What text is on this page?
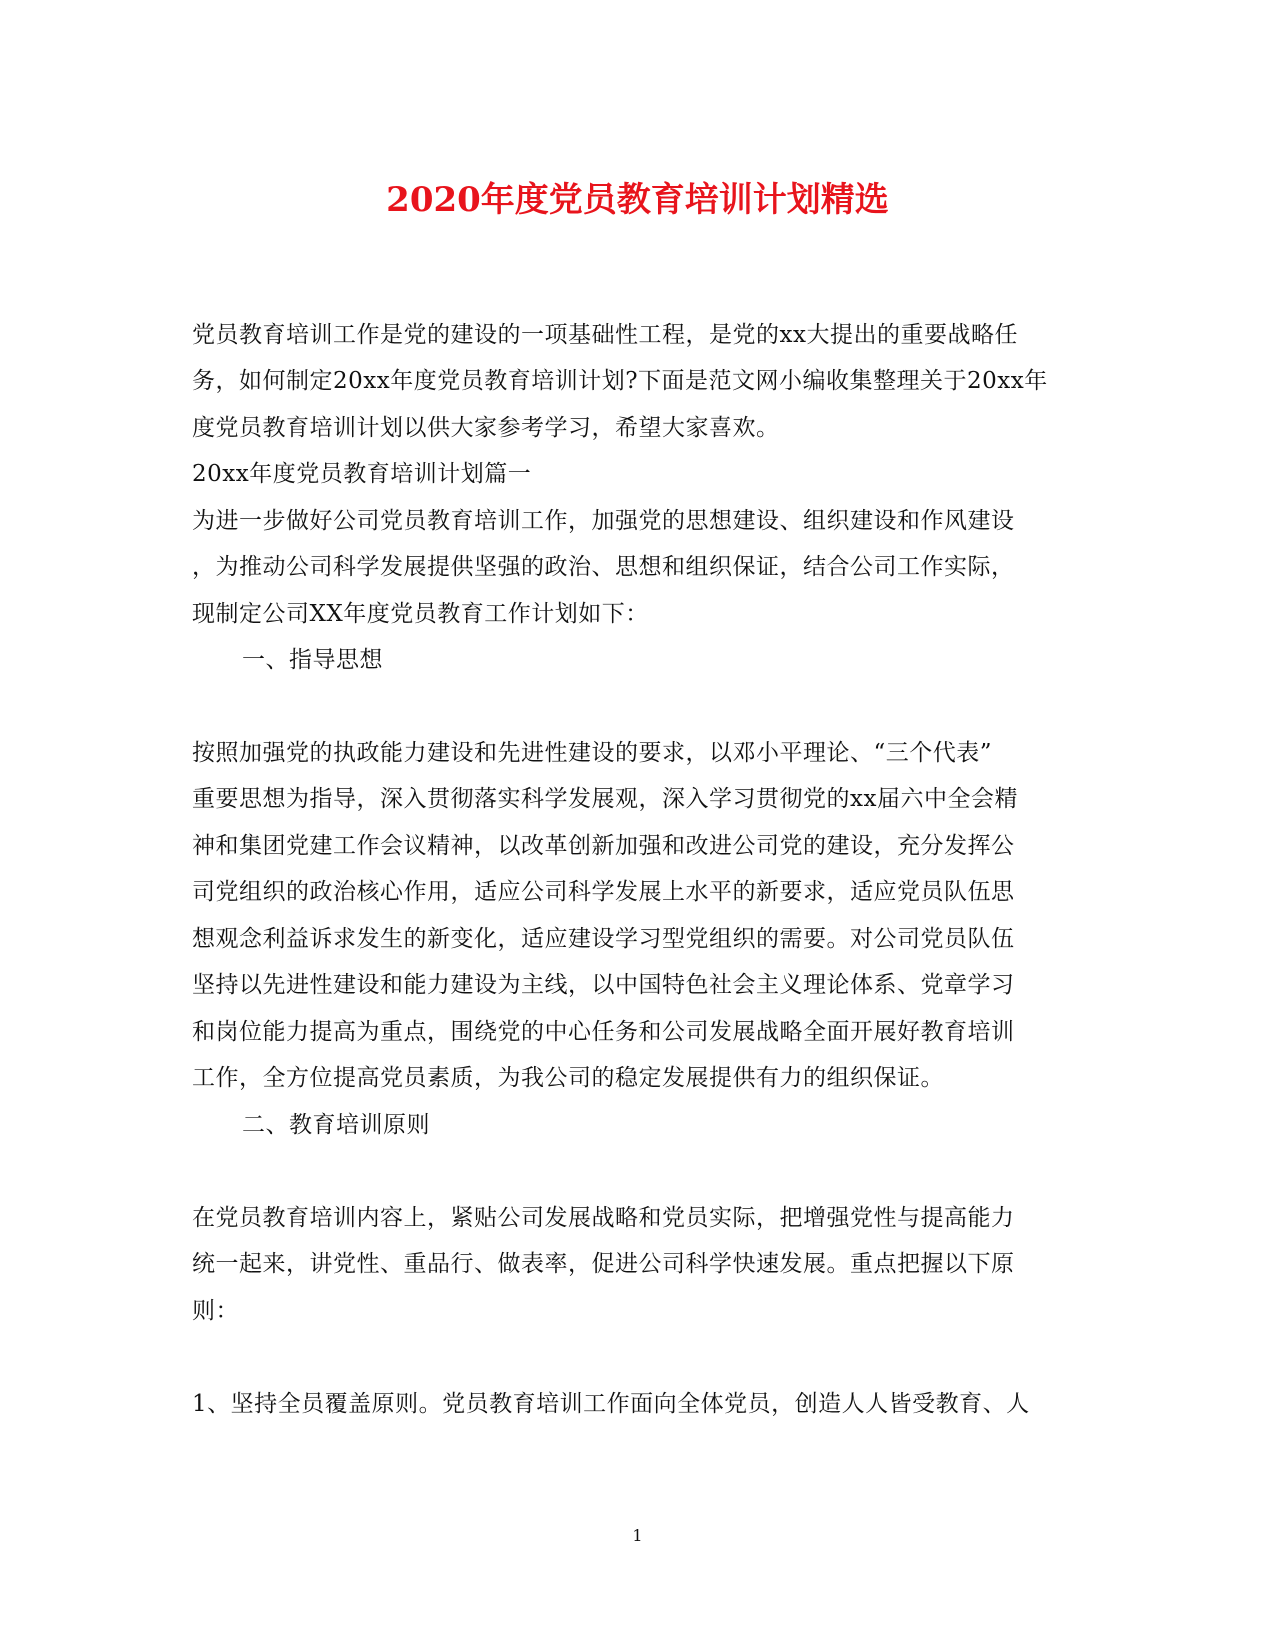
2020年度党员教育培训计划精选
党员教育培训工作是党的建设的一项基础性工程，是党的xx大提出的重要战略任
务，如何制定20xx年度党员教育培训计划?下面是范文网小编收集整理关于20xx年
度党员教育培训计划以供大家参考学习，希望大家喜欢。
20xx年度党员教育培训计划篇一
为进一步做好公司党员教育培训工作，加强党的思想建设、组织建设和作风建设
，为推动公司科学发展提供坚强的政治、思想和组织保证，结合公司工作实际，
现制定公司XX年度党员教育工作计划如下：
一、指导思想
按照加强党的执政能力建设和先进性建设的要求，以邓小平理论、“三个代表”
重要思想为指导，深入贯彻落实科学发展观，深入学习贯彻党的xx届六中全会精
神和集团党建工作会议精神，以改革创新加强和改进公司党的建设，充分发挥公
司党组织的政治核心作用，适应公司科学发展上水平的新要求，适应党员队伍思
想观念利益诉求发生的新变化，适应建设学习型党组织的需要。对公司党员队伍
坚持以先进性建设和能力建设为主线，以中国特色社会主义理论体系、党章学习
和岗位能力提高为重点，围绕党的中心任务和公司发展战略全面开展好教育培训
工作，全方位提高党员素质，为我公司的稳定发展提供有力的组织保证。
二、教育培训原则
在党员教育培训内容上，紧贴公司发展战略和党员实际，把增强党性与提高能力
统一起来，讲党性、重品行、做表率，促进公司科学快速发展。重点把握以下原
则：
1、坚持全员覆盖原则。党员教育培训工作面向全体党员，创造人人皆受教育、人
1
